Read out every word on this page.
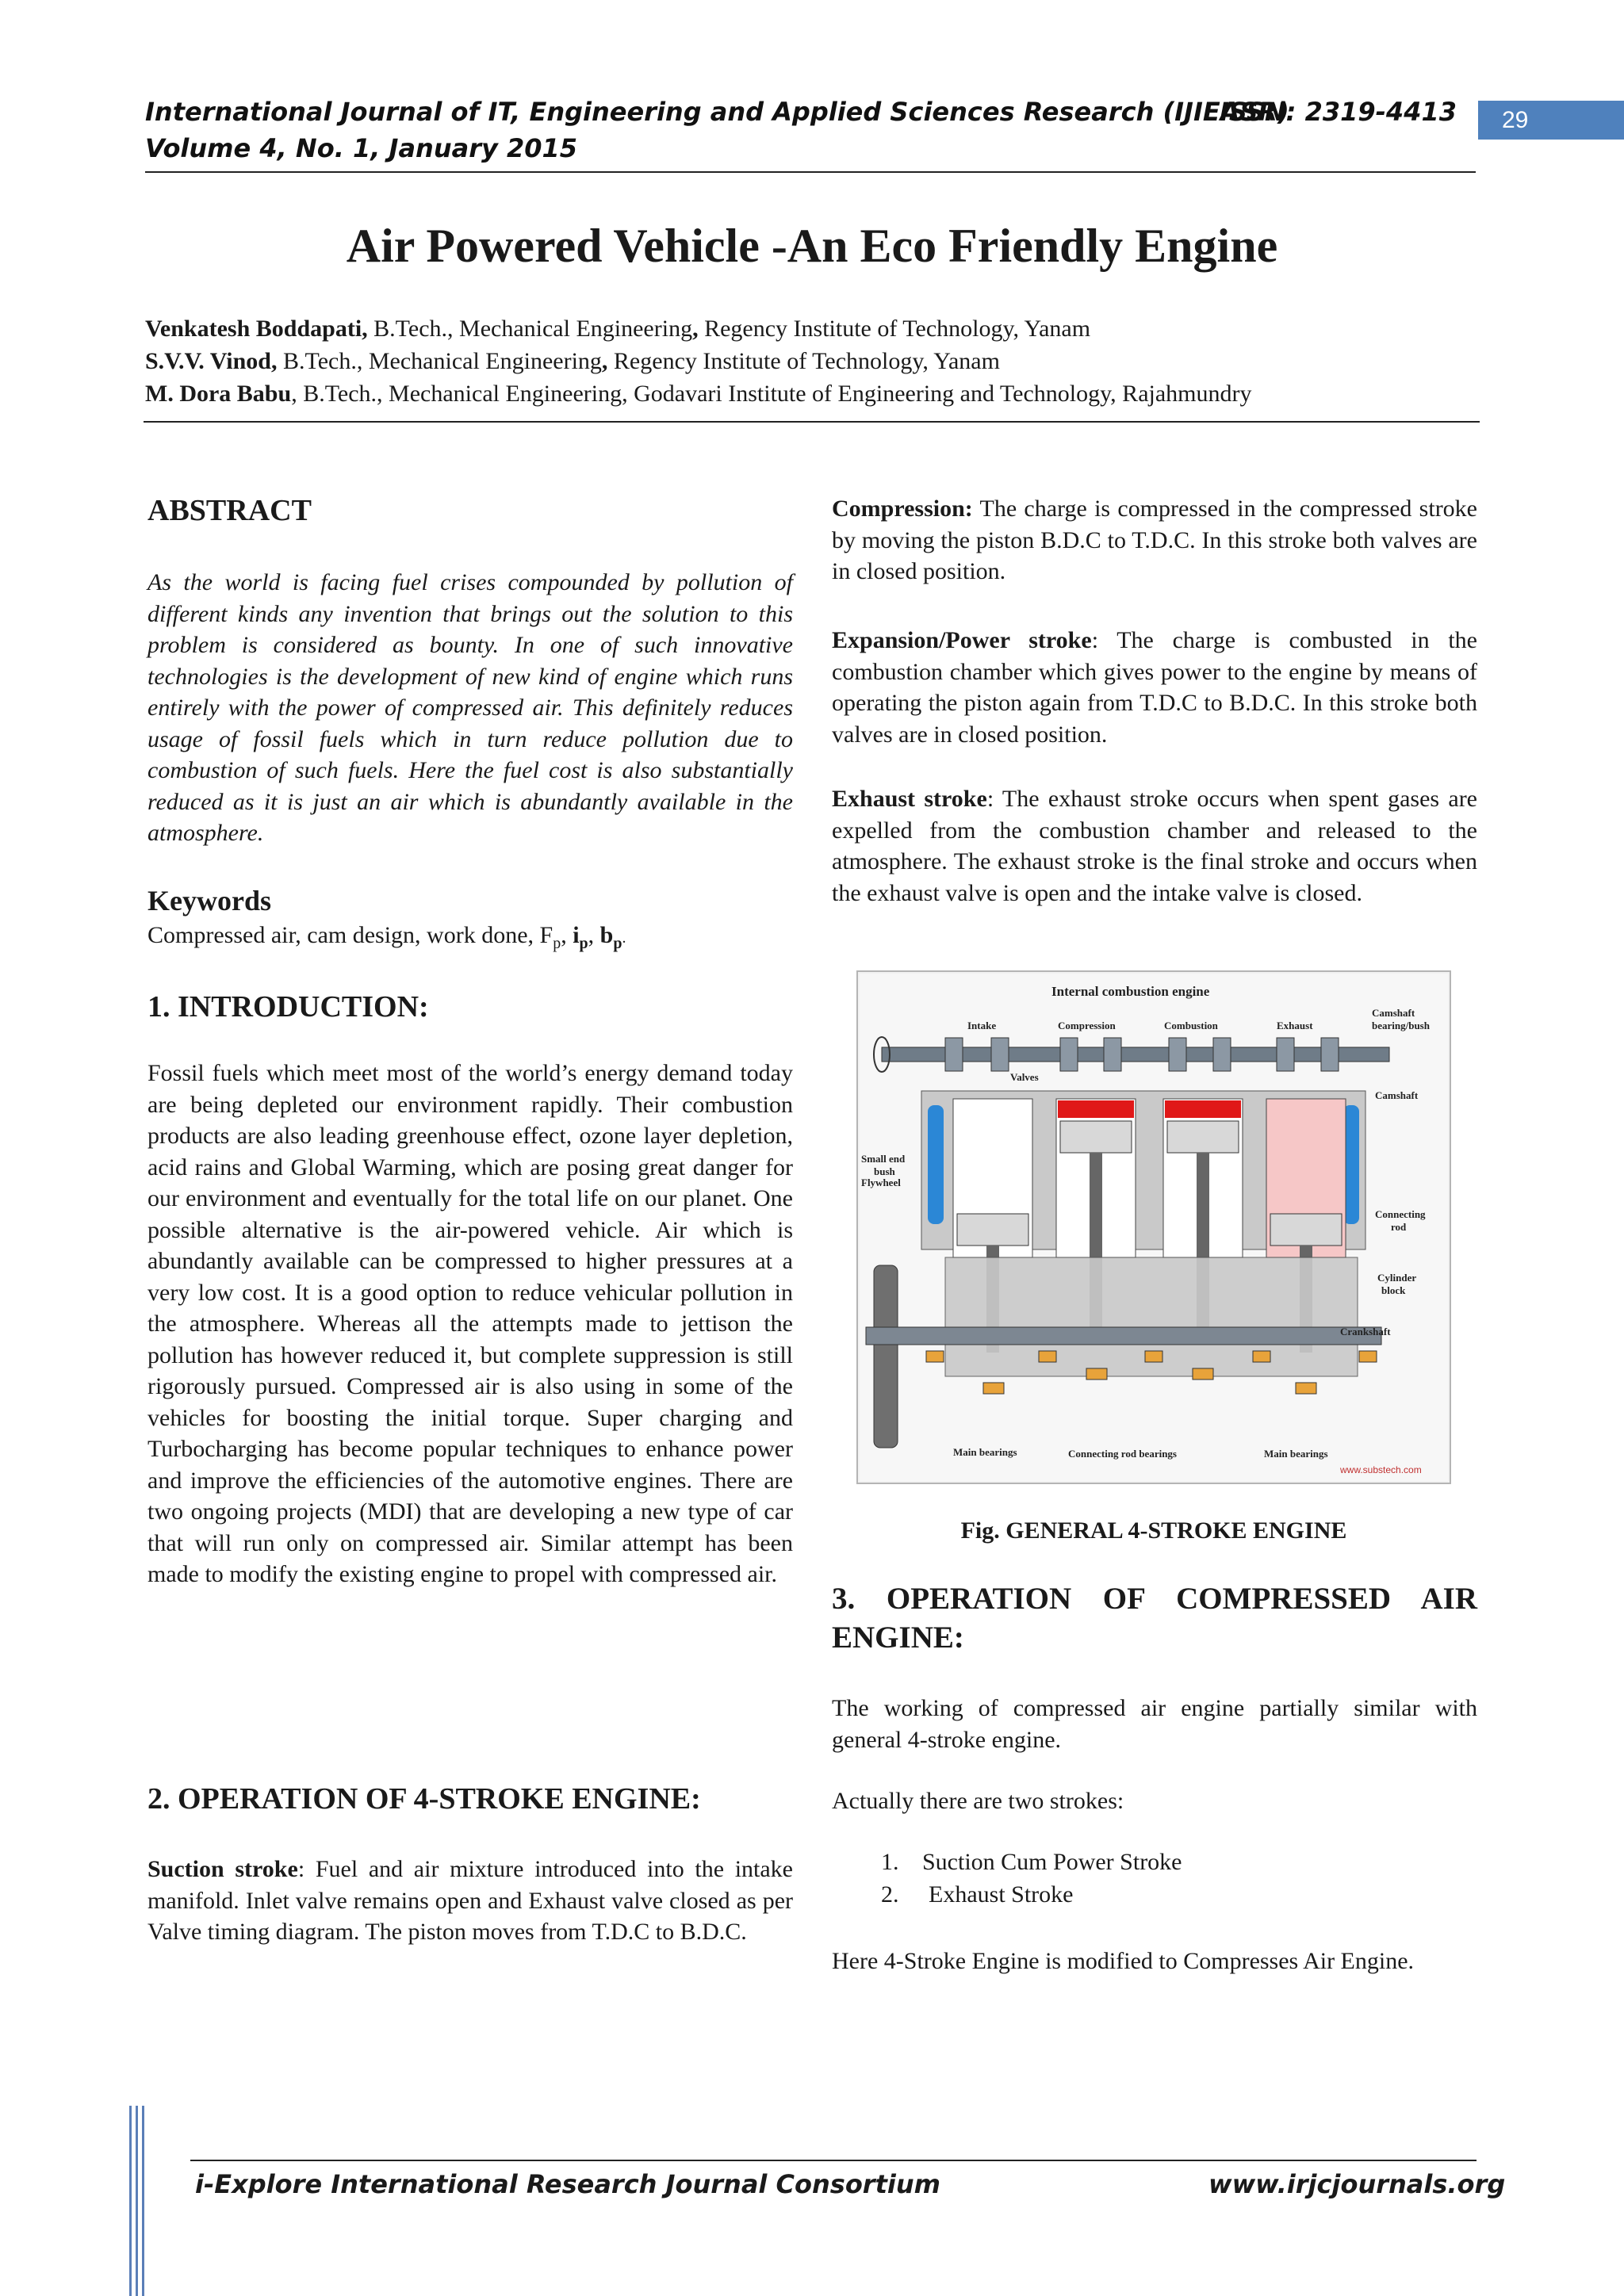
International Journal of IT, Engineering and Applied Sciences Research (IJIEASR)
ISSN: 2319-4413
Volume 4, No. 1, January 2015
29
Air Powered Vehicle -An Eco Friendly Engine
Venkatesh Boddapati, B.Tech., Mechanical Engineering, Regency Institute of Technology, Yanam
S.V.V. Vinod, B.Tech., Mechanical Engineering, Regency Institute of Technology, Yanam
M. Dora Babu, B.Tech., Mechanical Engineering, Godavari Institute of Engineering and Technology, Rajahmundry
ABSTRACT
As the world is facing fuel crises compounded by pollution of different kinds any invention that brings out the solution to this problem is considered as bounty. In one of such innovative technologies is the development of new kind of engine which runs entirely with the power of compressed air. This definitely reduces usage of fossil fuels which in turn reduce pollution due to combustion of such fuels. Here the fuel cost is also substantially reduced as it is just an air which is abundantly available in the atmosphere.
Keywords
Compressed air, cam design, work done, $F_p$, $i_p$, $b_p$.
1. INTRODUCTION:
Fossil fuels which meet most of the world’s energy demand today are being depleted our environment rapidly. Their combustion products are also leading greenhouse effect, ozone layer depletion, acid rains and Global Warming, which are posing great danger for our environment and eventually for the total life on our planet. One possible alternative is the air-powered vehicle. Air which is abundantly available can be compressed to higher pressures at a very low cost. It is a good option to reduce vehicular pollution in the atmosphere. Whereas all the attempts made to jettison the pollution has however reduced it, but complete suppression is still rigorously pursued. Compressed air is also using in some of the vehicles for boosting the initial torque. Super charging and Turbocharging has become popular techniques to enhance power and improve the efficiencies of the automotive engines. There are two ongoing projects (MDI) that are developing a new type of car that will run only on compressed air. Similar attempt has been made to modify the existing engine to propel with compressed air.
2. OPERATION OF 4-STROKE ENGINE:
Suction stroke: Fuel and air mixture introduced into the intake manifold. Inlet valve remains open and Exhaust valve closed as per Valve timing diagram. The piston moves from T.D.C to B.D.C.
Compression: The charge is compressed in the compressed stroke by moving the piston B.D.C to T.D.C. In this stroke both valves are in closed position.
Expansion/Power stroke: The charge is combusted in the combustion chamber which gives power to the engine by means of operating the piston again from T.D.C to B.D.C. In this stroke both valves are in closed position.
Exhaust stroke: The exhaust stroke occurs when spent gases are expelled from the combustion chamber and released to the atmosphere. The exhaust stroke is the final stroke and occurs when the exhaust valve is open and the intake valve is closed.
Internal combustion engine
Intake	Compression	Combustion	Exhaust
Camshaft
bearing/bush
Valves
Camshaft
Flywheel
Small end
bush
Crankshaft
Connecting
rod
Cylinder
block
Main bearings	Connecting rod bearings	Main bearings
www.substech.com
Fig. GENERAL 4-STROKE ENGINE
3. OPERATION OF COMPRESSED AIR
ENGINE:
The working of compressed air engine partially similar with general 4-stroke engine.
Actually there are two strokes:
1. Suction Cum Power Stroke
2. Exhaust Stroke
Here 4-Stroke Engine is modified to Compresses Air Engine.
i-Explore International Research Journal Consortium	www.irjcjournals.org
